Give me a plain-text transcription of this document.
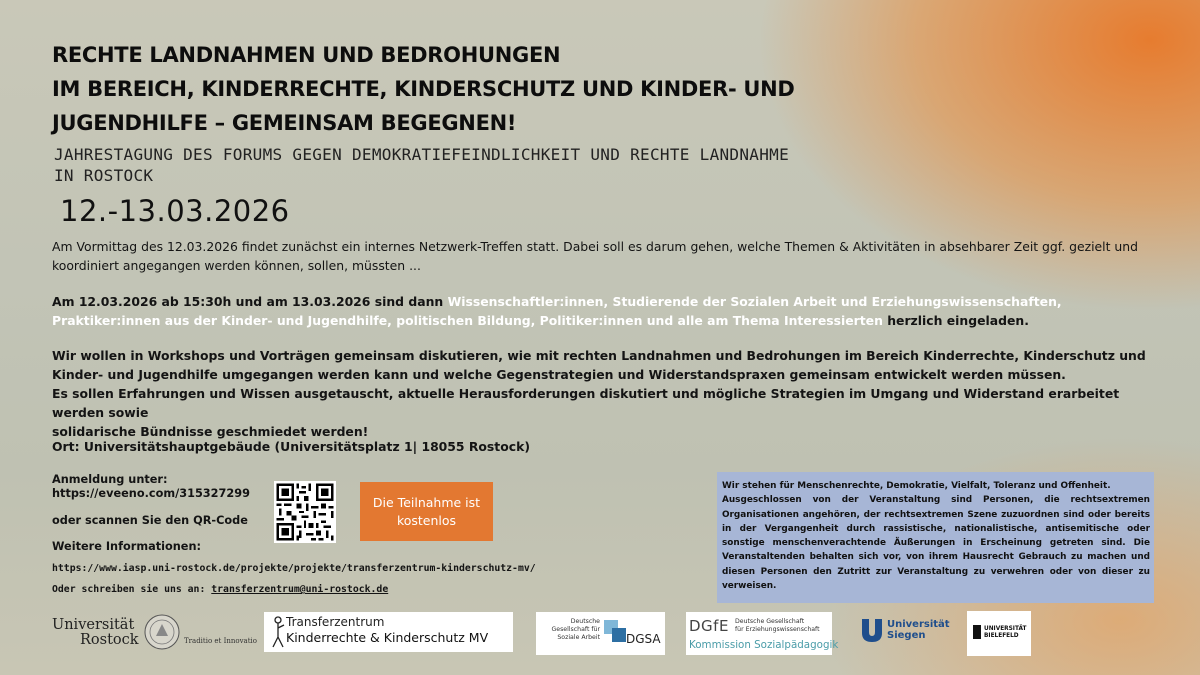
RECHTE LANDNAHMEN UND BEDROHUNGEN
IM BEREICH, KINDERRECHTE, KINDERSCHUTZ UND KINDER- UND
JUGENDHILFE – GEMEINSAM BEGEGNEN!
JAHRESTAGUNG DES FORUMS GEGEN DEMOKRATIEFEINDLICHKEIT UND RECHTE LANDNAHME
IN ROSTOCK
12.-13.03.2026
Am Vormittag des 12.03.2026 findet zunächst ein internes Netzwerk-Treffen statt. Dabei soll es darum gehen, welche Themen & Aktivitäten in absehbarer Zeit ggf. gezielt und koordiniert angegangen werden können, sollen, müssten ...
Am 12.03.2026 ab 15:30h und am 13.03.2026 sind dann Wissenschaftler:innen, Studierende der Sozialen Arbeit und Erziehungswissenschaften, Praktiker:innen aus der Kinder- und Jugendhilfe, politischen Bildung, Politiker:innen und alle am Thema Interessierten herzlich eingeladen.
Wir wollen in Workshops und Vorträgen gemeinsam diskutieren, wie mit rechten Landnahmen und Bedrohungen im Bereich Kinderrechte, Kinderschutz und
Kinder- und Jugendhilfe umgegangen werden kann und welche Gegenstrategien und Widerstandspraxen gemeinsam entwickelt werden müssen.
Es sollen Erfahrungen und Wissen ausgetauscht, aktuelle Herausforderungen diskutiert und mögliche Strategien im Umgang und Widerstand erarbeitet werden sowie
solidarische Bündnisse geschmiedet werden!
Ort: Universitätshauptgebäude (Universitätsplatz 1| 18055 Rostock)
Anmeldung unter:
https://eveeno.com/315327299
oder scannen Sie den QR-Code
Weitere Informationen:
https://www.iasp.uni-rostock.de/projekte/projekte/transferzentrum-kinderschutz-mv/
Oder schreiben sie uns an: transferzentrum@uni-rostock.de
Die Teilnahme ist kostenlos
Wir stehen für Menschenrechte, Demokratie, Vielfalt, Toleranz und Offenheit.
Ausgeschlossen von der Veranstaltung sind Personen, die rechtsextremen Organisationen angehören, der rechtsextremen Szene zuzuordnen sind oder bereits in der Vergangenheit durch rassistische, nationalistische, antisemitische oder sonstige menschenverachtende Äußerungen in Erscheinung getreten sind. Die Veranstaltenden behalten sich vor, von ihrem Hausrecht Gebrauch zu machen und diesen Personen den Zutritt zur Veranstaltung zu verwehren oder von dieser zu verweisen.
Universität
Rostock	Traditio et Innovatio
Transferzentrum
Kinderrechte & Kinderschutz MV
Deutsche
Gesellschaft für
Soziale Arbeit DGSA
DGfE Deutsche Gesellschaft
für Erziehungswissenschaft
Kommission Sozialpädagogik
Universität
Siegen
UNIVERSITÄT
BIELEFELD
